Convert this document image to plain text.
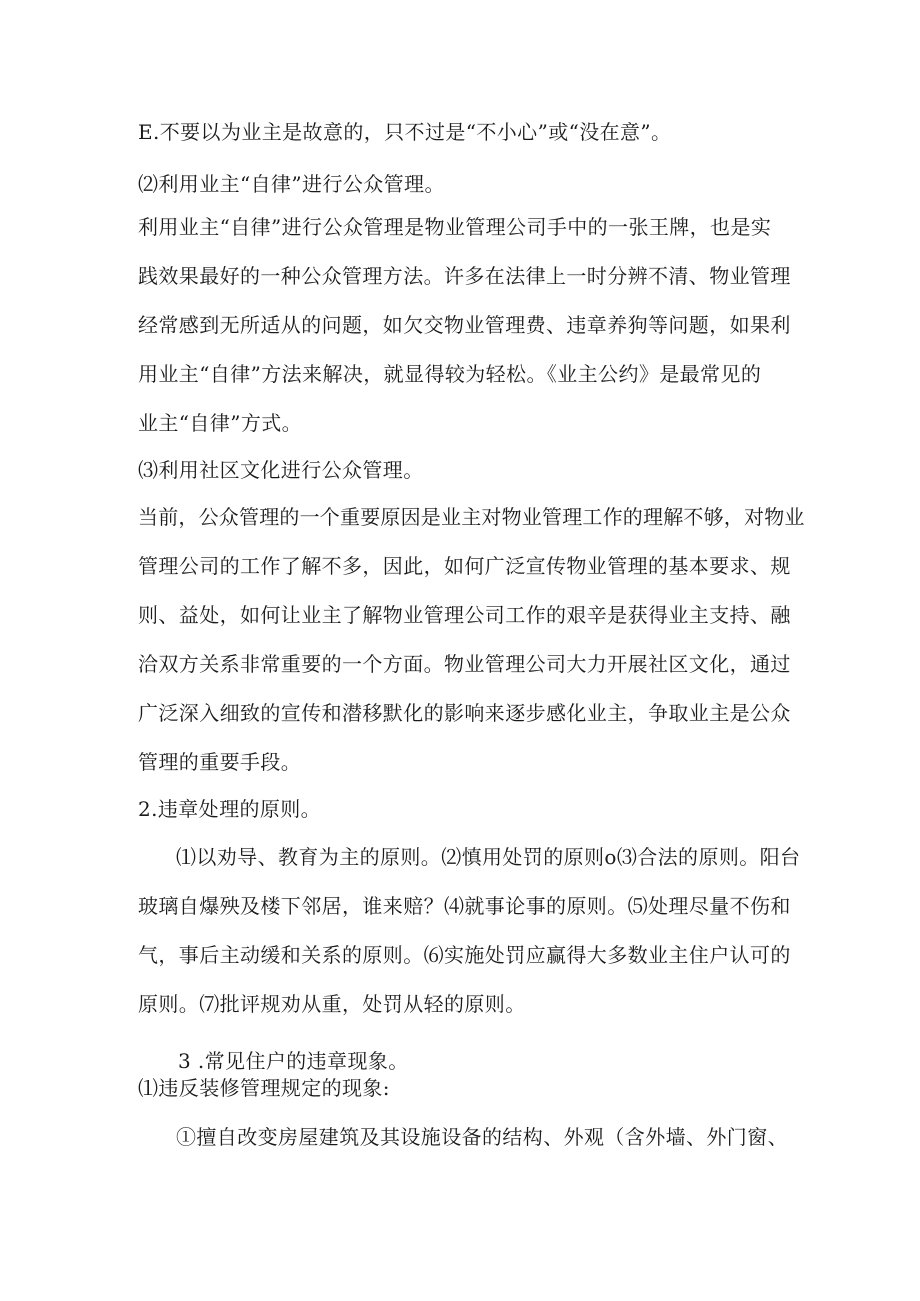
E.不要以为业主是故意的，只不过是“不小心”或“没在意”。
⑵利用业主“自律”进行公众管理。
利用业主“自律”进行公众管理是物业管理公司手中的一张王牌，也是实
践效果最好的一种公众管理方法。许多在法律上一时分辨不清、物业管理
经常感到无所适从的问题，如欠交物业管理费、违章养狗等问题，如果利
用业主“自律”方法来解决，就显得较为轻松。《业主公约》是最常见的
业主“自律”方式。
⑶利用社区文化进行公众管理。
当前，公众管理的一个重要原因是业主对物业管理工作的理解不够，对物业
管理公司的工作了解不多，因此，如何广泛宣传物业管理的基本要求、规
则、益处，如何让业主了解物业管理公司工作的艰辛是获得业主支持、融
洽双方关系非常重要的一个方面。物业管理公司大力开展社区文化，通过
广泛深入细致的宣传和潜移默化的影响来逐步感化业主，争取业主是公众
管理的重要手段。
2.违章处理的原则。
⑴以劝导、教育为主的原则。⑵慎用处罚的原则o⑶合法的原则。阳台
玻璃自爆殃及楼下邻居，谁来赔？⑷就事论事的原则。⑸处理尽量不伤和
气，事后主动缓和关系的原则。⑹实施处罚应赢得大多数业主住户认可的
原则。⑺批评规劝从重，处罚从轻的原则。
3 .常见住户的违章现象。
⑴违反装修管理规定的现象:
①擅自改变房屋建筑及其设施设备的结构、外观（含外墙、外门窗、
